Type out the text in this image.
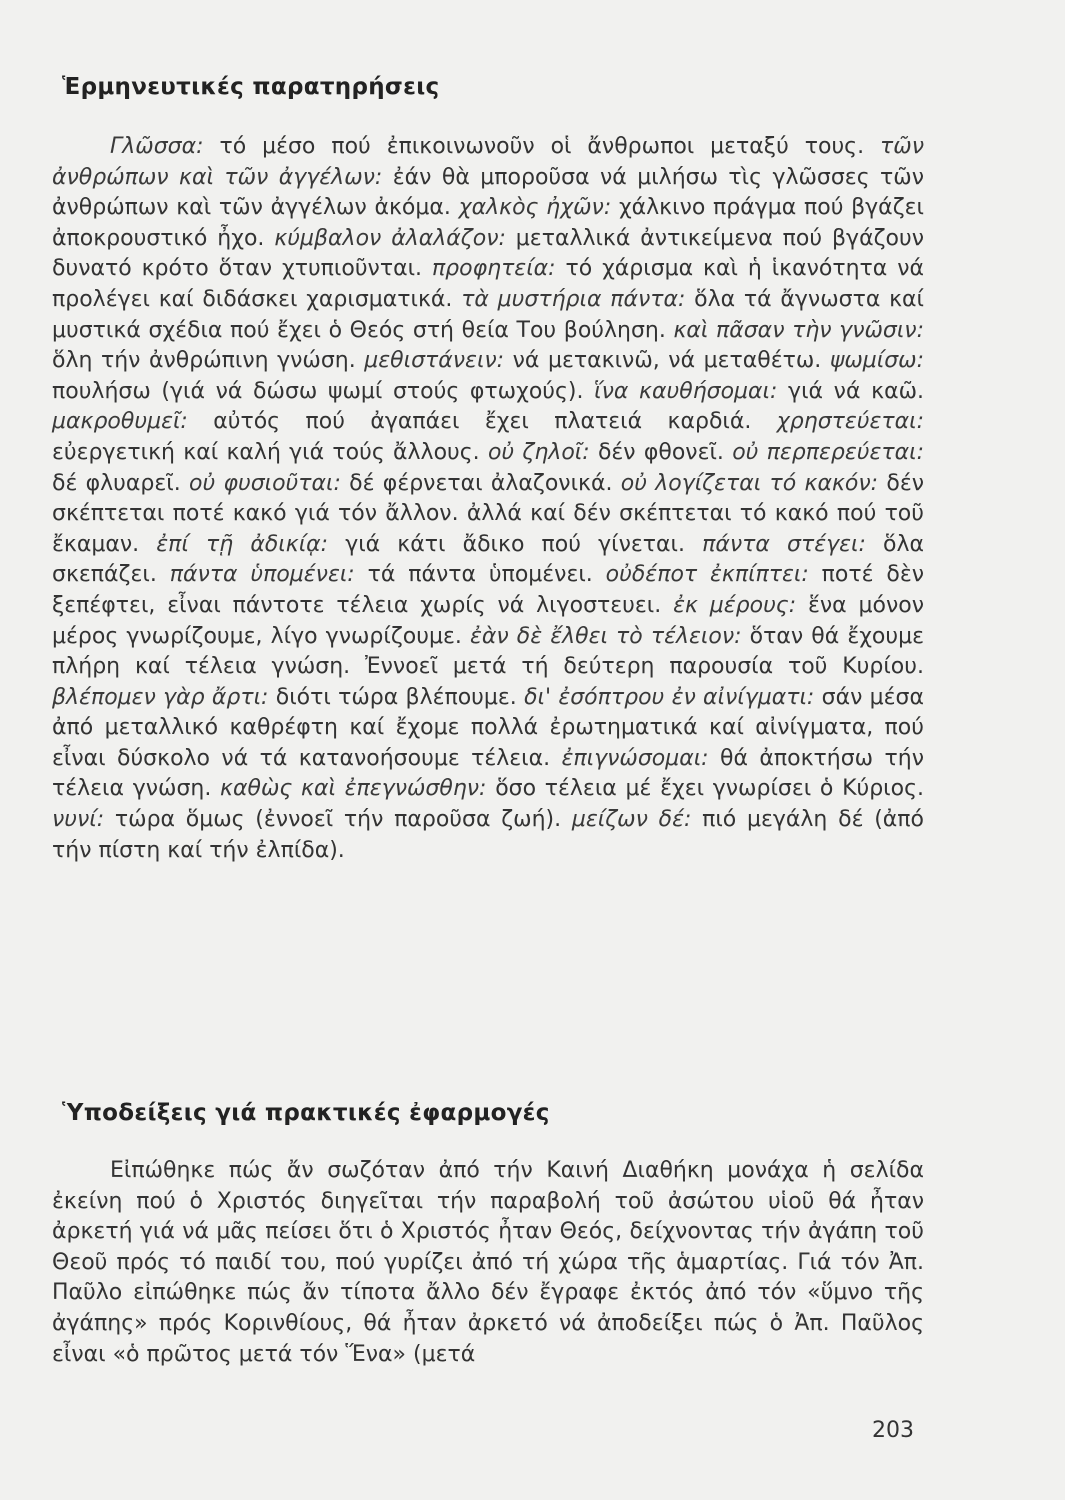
Ἑρμηνευτικές παρατηρήσεις
Γλῶσσα: τό μέσο πού ἐπικοινωνοῦν οἱ ἄνθρωποι μεταξύ τους. τῶν ἀνθρώπων καὶ τῶν ἀγγέλων: ἐάν θὰ μποροῦσα νά μιλήσω τὶς γλῶσσες τῶν ἀνθρώπων καὶ τῶν ἀγγέλων ἀκόμα. χαλκὸς ἠχῶν: χάλκινο πράγμα πού βγάζει ἀποκρουστικό ἦχο. κύμβαλον ἀλαλάζον: μεταλλικά ἀντικείμενα πού βγάζουν δυνατό κρότο ὅταν χτυπιοῦνται. προφητεία: τό χάρισμα καὶ ἡ ἱκανότητα νά προλέγει καί διδάσκει χαρισματικά. τὰ μυστήρια πάντα: ὅλα τά ἄγνωστα καί μυστικά σχέδια πού ἔχει ὁ Θεός στή θεία Του βούληση. καὶ πᾶσαν τὴν γνῶσιν: ὅλη τήν ἀνθρώπινη γνώση. μεθιστάνειν: νά μετακινῶ, νά μεταθέτω. ψωμίσω: πουλήσω (γιά νά δώσω ψωμί στούς φτωχούς). ἵνα καυθήσομαι: γιά νά καῶ. μακροθυμεῖ: αὐτός πού ἀγαπάει ἔχει πλατειά καρδιά. χρηστεύεται: εὐεργετική καί καλή γιά τούς ἄλλους. οὐ ζηλοῖ: δέν φθονεῖ. οὐ περπερεύεται: δέ φλυαρεῖ. οὐ φυσιοῦται: δέ φέρνεται ἀλαζονικά. οὐ λογίζεται τό κακόν: δέν σκέπτεται ποτέ κακό γιά τόν ἄλλον. ἀλλά καί δέν σκέπτεται τό κακό πού τοῦ ἔκαμαν. ἐπί τῇ ἀδικίᾳ: γιά κάτι ἄδικο πού γίνεται. πάντα στέγει: ὅλα σκεπάζει. πάντα ὑπομένει: τά πάντα ὑπομένει. οὐδέποτ ἐκπίπτει: ποτέ δὲν ξεπέφτει, εἶναι πάντοτε τέλεια χωρίς νά λιγοστευει. ἐκ μέρους: ἕνα μόνον μέρος γνωρίζουμε, λίγο γνωρίζουμε. ἐὰν δὲ ἔλθει τὸ τέλειον: ὅταν θά ἔχουμε πλήρη καί τέλεια γνώση. Ἐννοεῖ μετά τή δεύτερη παρουσία τοῦ Κυρίου. βλέπομεν γὰρ ἄρτι: διότι τώρα βλέπουμε. δι' ἐσόπτρου ἐν αἰνίγματι: σάν μέσα ἀπό μεταλλικό καθρέφτη καί ἔχομε πολλά ἐρωτηματικά καί αἰνίγματα, πού εἶναι δύσκολο νά τά κατανοήσουμε τέλεια. ἐπιγνώσομαι: θά ἀποκτήσω τήν τέλεια γνώση. καθὼς καὶ ἐπεγνώσθην: ὅσο τέλεια μέ ἔχει γνωρίσει ὁ Κύριος. νυνί: τώρα ὅμως (ἐννοεῖ τήν παροῦσα ζωή). μείζων δέ: πιό μεγάλη δέ (ἀπό τήν πίστη καί τήν ἐλπίδα).
Ὑποδείξεις γιά πρακτικές ἐφαρμογές
Εἰπώθηκε πώς ἄν σωζόταν ἀπό τήν Καινή Διαθήκη μονάχα ἡ σελίδα ἐκείνη πού ὁ Χριστός διηγεῖται τήν παραβολή τοῦ ἀσώτου υἱοῦ θά ἦταν ἀρκετή γιά νά μᾶς πείσει ὅτι ὁ Χριστός ἦταν Θεός, δείχνοντας τήν ἀγάπη τοῦ Θεοῦ πρός τό παιδί του, πού γυρίζει ἀπό τή χώρα τῆς ἁμαρτίας. Γιά τόν Ἀπ. Παῦλο εἰπώθηκε πώς ἄν τίποτα ἄλλο δέν ἔγραφε ἐκτός ἀπό τόν «ὕμνο τῆς ἀγάπης» πρός Κορινθίους, θά ἦταν ἀρκετό νά ἀποδείξει πώς ὁ Ἀπ. Παῦλος εἶναι «ὁ πρῶτος μετά τόν Ἕνα» (μετά
203
